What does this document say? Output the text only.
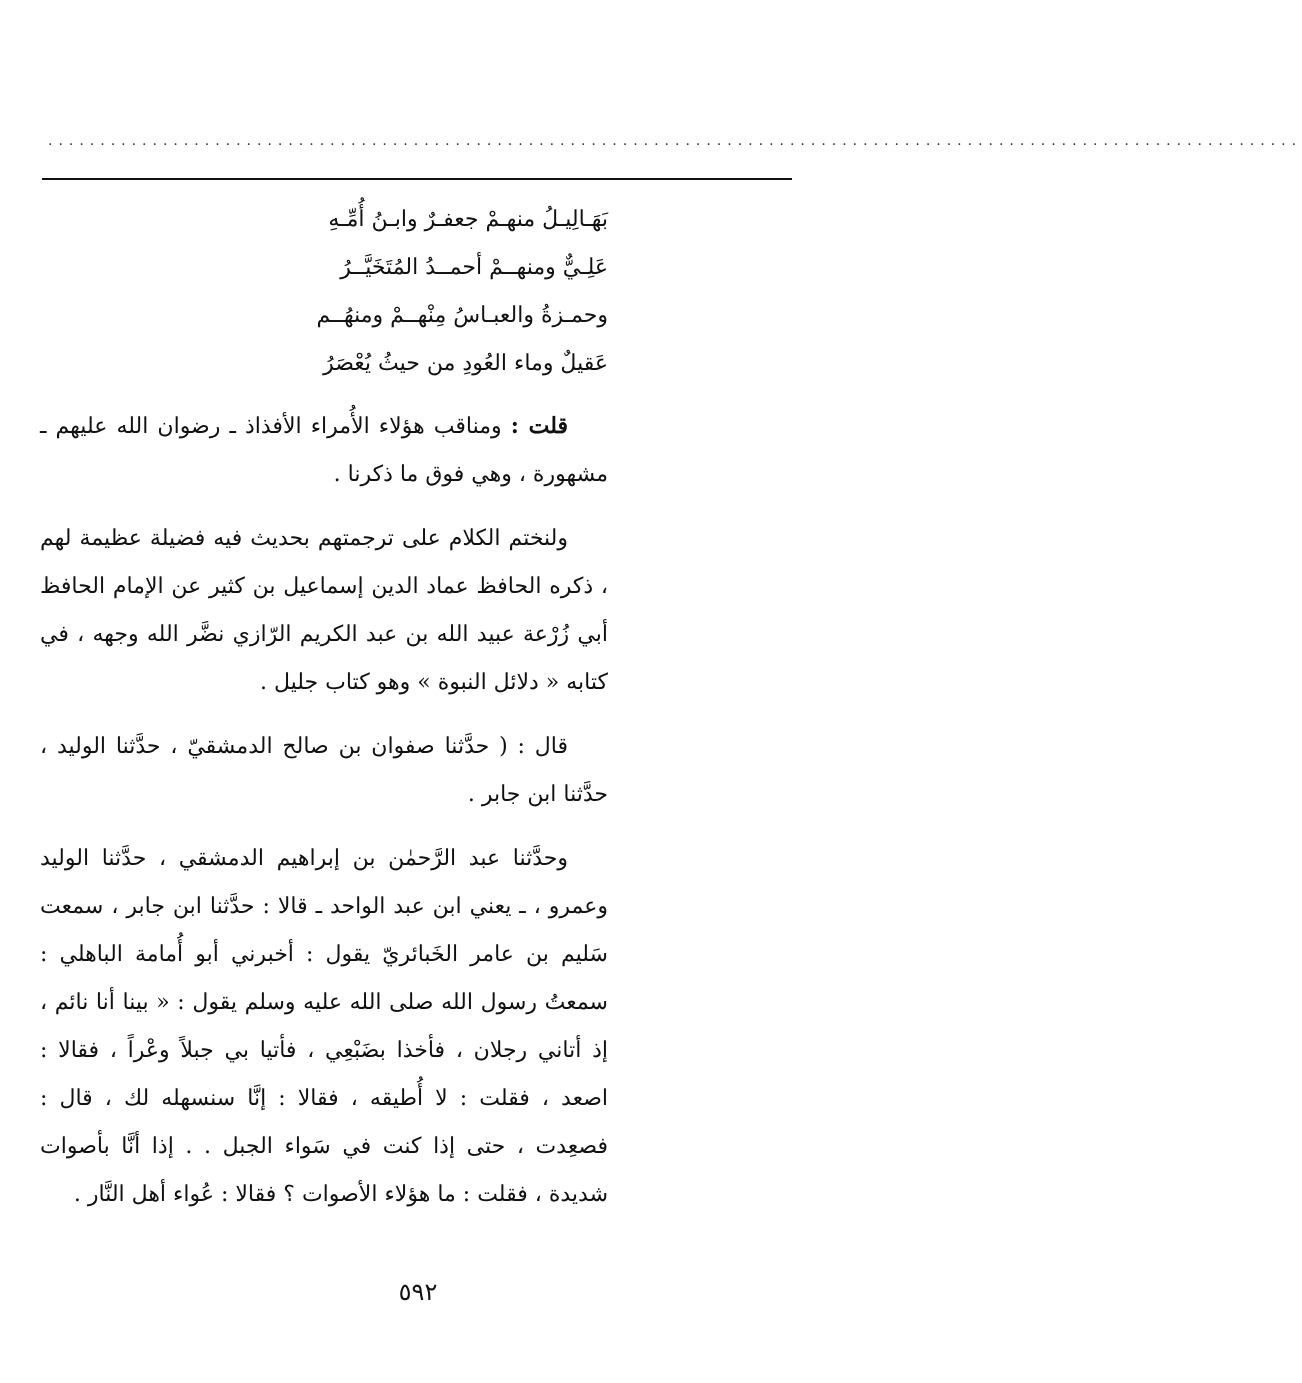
........................................................................................................................
بَهَـالِيـلُ منهـمْ جعفـرٌ وابـنُ أُمِّـهِ
عَلِـيٌّ ومنهــمْ أحمــدُ المُتَخَيَّــرُ
وحمـزةُ والعبـاسُ مِنْهــمْ ومنهُــم
عَقيلٌ وماء العُودِ من حيثُ يُعْصَرُ

قلت : ومناقب هؤلاء الأُمراء الأفذاذ ـ رضوان الله عليهم ـ مشهورة ، وهي فوق ما ذكرنا .

ولنختم الكلام على ترجمتهم بحديث فيه فضيلة عظيمة لهم ، ذكره الحافظ عماد الدين إسماعيل بن كثير عن الإمام الحافظ أبي زُرْعة عبيد الله بن عبد الكريم الرّازي نضَّر الله وجهه ، في كتابه « دلائل النبوة » وهو كتاب جليل .

قال : ( حدَّثنا صفوان بن صالح الدمشقيّ ، حدَّثنا الوليد ، حدَّثنا ابن جابر .

وحدَّثنا عبد الرَّحمٰن بن إبراهيم الدمشقي ، حدَّثنا الوليد وعمرو ، ـ يعني ابن عبد الواحد ـ قالا : حدَّثنا ابن جابر ، سمعت سَليم بن عامر الخَبائريّ يقول : أخبرني أبو أُمامة الباهلي : سمعتُ رسول الله صلى الله عليه وسلم يقول : « بينا أنا نائم ، إذ أتاني رجلان ، فأخذا بضَبْعِي ، فأتيا بي جبلاً وعْراً ، فقالا : اصعد ، فقلت : لا أُطيقه ، فقالا : إنَّا سنسهله لك ، قال : فصعِدت ، حتى إذا كنت في سَواء الجبل . . إذا أنَّا بأصوات شديدة ، فقلت : ما هؤلاء الأصوات ؟ فقالا : عُواء أهل النَّار .

٥٩٢
